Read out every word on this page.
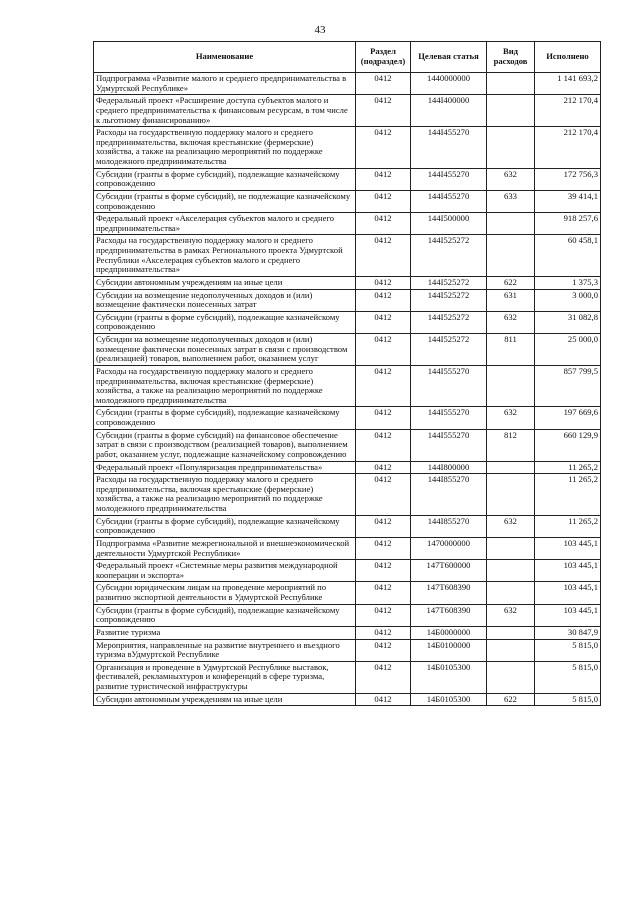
43
Наименование	Раздел (подраздел)	Целевая статья	Вид расходов	Исполнено
Подпрограмма «Развитие малого и среднего предпринимательства в Удмуртской Республике»	0412	1440000000		1 141 693,2
Федеральный проект «Расширение доступа субъектов малого и среднего предпринимательства к финансовым ресурсам, в том числе к льготному финансированию»	0412	144I400000		212 170,4
Расходы на государственную поддержку малого и среднего предпринимательства, включая крестьянские (фермерские) хозяйства, а также на реализацию мероприятий по поддержке молодежного предпринимательства	0412	144I455270		212 170,4
Субсидии (гранты в форме субсидий), подлежащие казначейскому сопровождению	0412	144I455270	632	172 756,3
Субсидии (гранты в форме субсидий), не подлежащие казначейскому сопровождению	0412	144I455270	633	39 414,1
Федеральный проект «Акселерация субъектов малого и среднего предпринимательства»	0412	144I500000		918 257,6
Расходы на государственную поддержку малого и среднего предпринимательства в рамках Регионального проекта Удмуртской Республики «Акселерация субъектов малого и среднего предпринимательства»	0412	144I525272		60 458,1
Субсидии автономным учреждениям на иные цели	0412	144I525272	622	1 375,3
Субсидии на возмещение недополученных доходов и (или) возмещение фактически понесенных затрат	0412	144I525272	631	3 000,0
Субсидии (гранты в форме субсидий), подлежащие казначейскому сопровождению	0412	144I525272	632	31 082,8
Субсидии на возмещение недополученных доходов и (или) возмещение фактически понесенных затрат в связи с производством (реализацией) товаров, выполнением работ, оказанием услуг	0412	144I525272	811	25 000,0
Расходы на государственную поддержку малого и среднего предпринимательства, включая крестьянские (фермерские) хозяйства, а также на реализацию мероприятий по поддержке молодежного предпринимательства	0412	144I555270		857 799,5
Субсидии (гранты в форме субсидий), подлежащие казначейскому сопровождению	0412	144I555270	632	197 669,6
Субсидии (гранты в форме субсидий) на финансовое обеспечение затрат в связи с производством (реализацией товаров), выполнением работ, оказанием услуг, подлежащие казначейскому сопровождению	0412	144I555270	812	660 129,9
Федеральный проект «Популяризация предпринимательства»	0412	144I800000		11 265,2
Расходы на государственную поддержку малого и среднего предпринимательства, включая крестьянские (фермерские) хозяйства, а также на реализацию мероприятий по поддержке молодежного предпринимательства	0412	144I855270		11 265,2
Субсидии (гранты в форме субсидий), подлежащие казначейскому сопровождению	0412	144I855270	632	11 265,2
Подпрограмма «Развитие межрегиональной и внешнеэкономической деятельности Удмуртской Республики»	0412	1470000000		103 445,1
Федеральный проект «Системные меры развития международной кооперации и экспорта»	0412	147T600000		103 445,1
Субсидии юридическим лицам на проведение мероприятий по развитию экспортной деятельности в Удмуртской Республике	0412	147T608390		103 445,1
Субсидии (гранты в форме субсидий), подлежащие казначейскому сопровождению	0412	147T608390	632	103 445,1
Развитие туризма	0412	14Б0000000		30 847,9
Мероприятия, направленные на развитие внутреннего и въездного туризма вУдмуртской Республике	0412	14Б0100000		5 815,0
Организация и проведение в Удмуртской Республике выставок, фестивалей, рекламныхтуров и конференций в сфере туризма, развитие туристической инфраструктуры	0412	14Б0105300		5 815,0
Субсидии автономным учреждениям на иные цели	0412	14Б0105300	622	5 815,0
